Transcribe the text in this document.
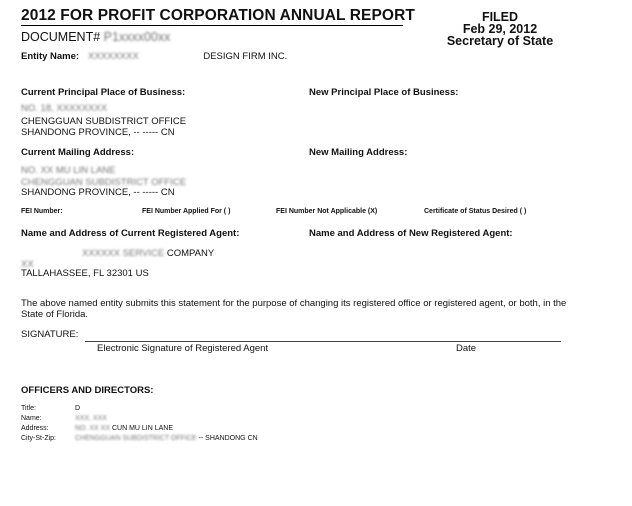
2012 FOR PROFIT CORPORATION ANNUAL REPORT
DOCUMENT# P1xxxx00xx
FILED
Feb 29, 2012
Secretary of State
Entity Name: XXXXXXXX	DESIGN FIRM INC.
Current Principal Place of Business:	New Principal Place of Business:
NO. 18, XXXXXXXX
CHENGGUAN SUBDISTRICT OFFICE
SHANDONG PROVINCE, -- ----- CN
Current Mailing Address:	New Mailing Address:
NO. XX MU LIN LANE
CHENGGUAN SUBDISTRICT OFFICE
SHANDONG PROVINCE, -- ----- CN
FEI Number:	FEI Number Applied For ( )	FEI Number Not Applicable (X)	Certificate of Status Desired ( )
Name and Address of Current Registered Agent:	Name and Address of New Registered Agent:
XXXXXX SERVICE COMPANY
XX
TALLAHASSEE, FL 32301 US
The above named entity submits this statement for the purpose of changing its registered office or registered agent, or both, in the State of Florida.
SIGNATURE:
Electronic Signature of Registered Agent	Date
OFFICERS AND DIRECTORS:
Title:	D
Name:	XXX, XXX
Address:	NO. XX XX CUN MU LIN LANE
City-St-Zip:	CHENGGUAN SUBDISTRICT OFFICE -- SHANDONG CN
